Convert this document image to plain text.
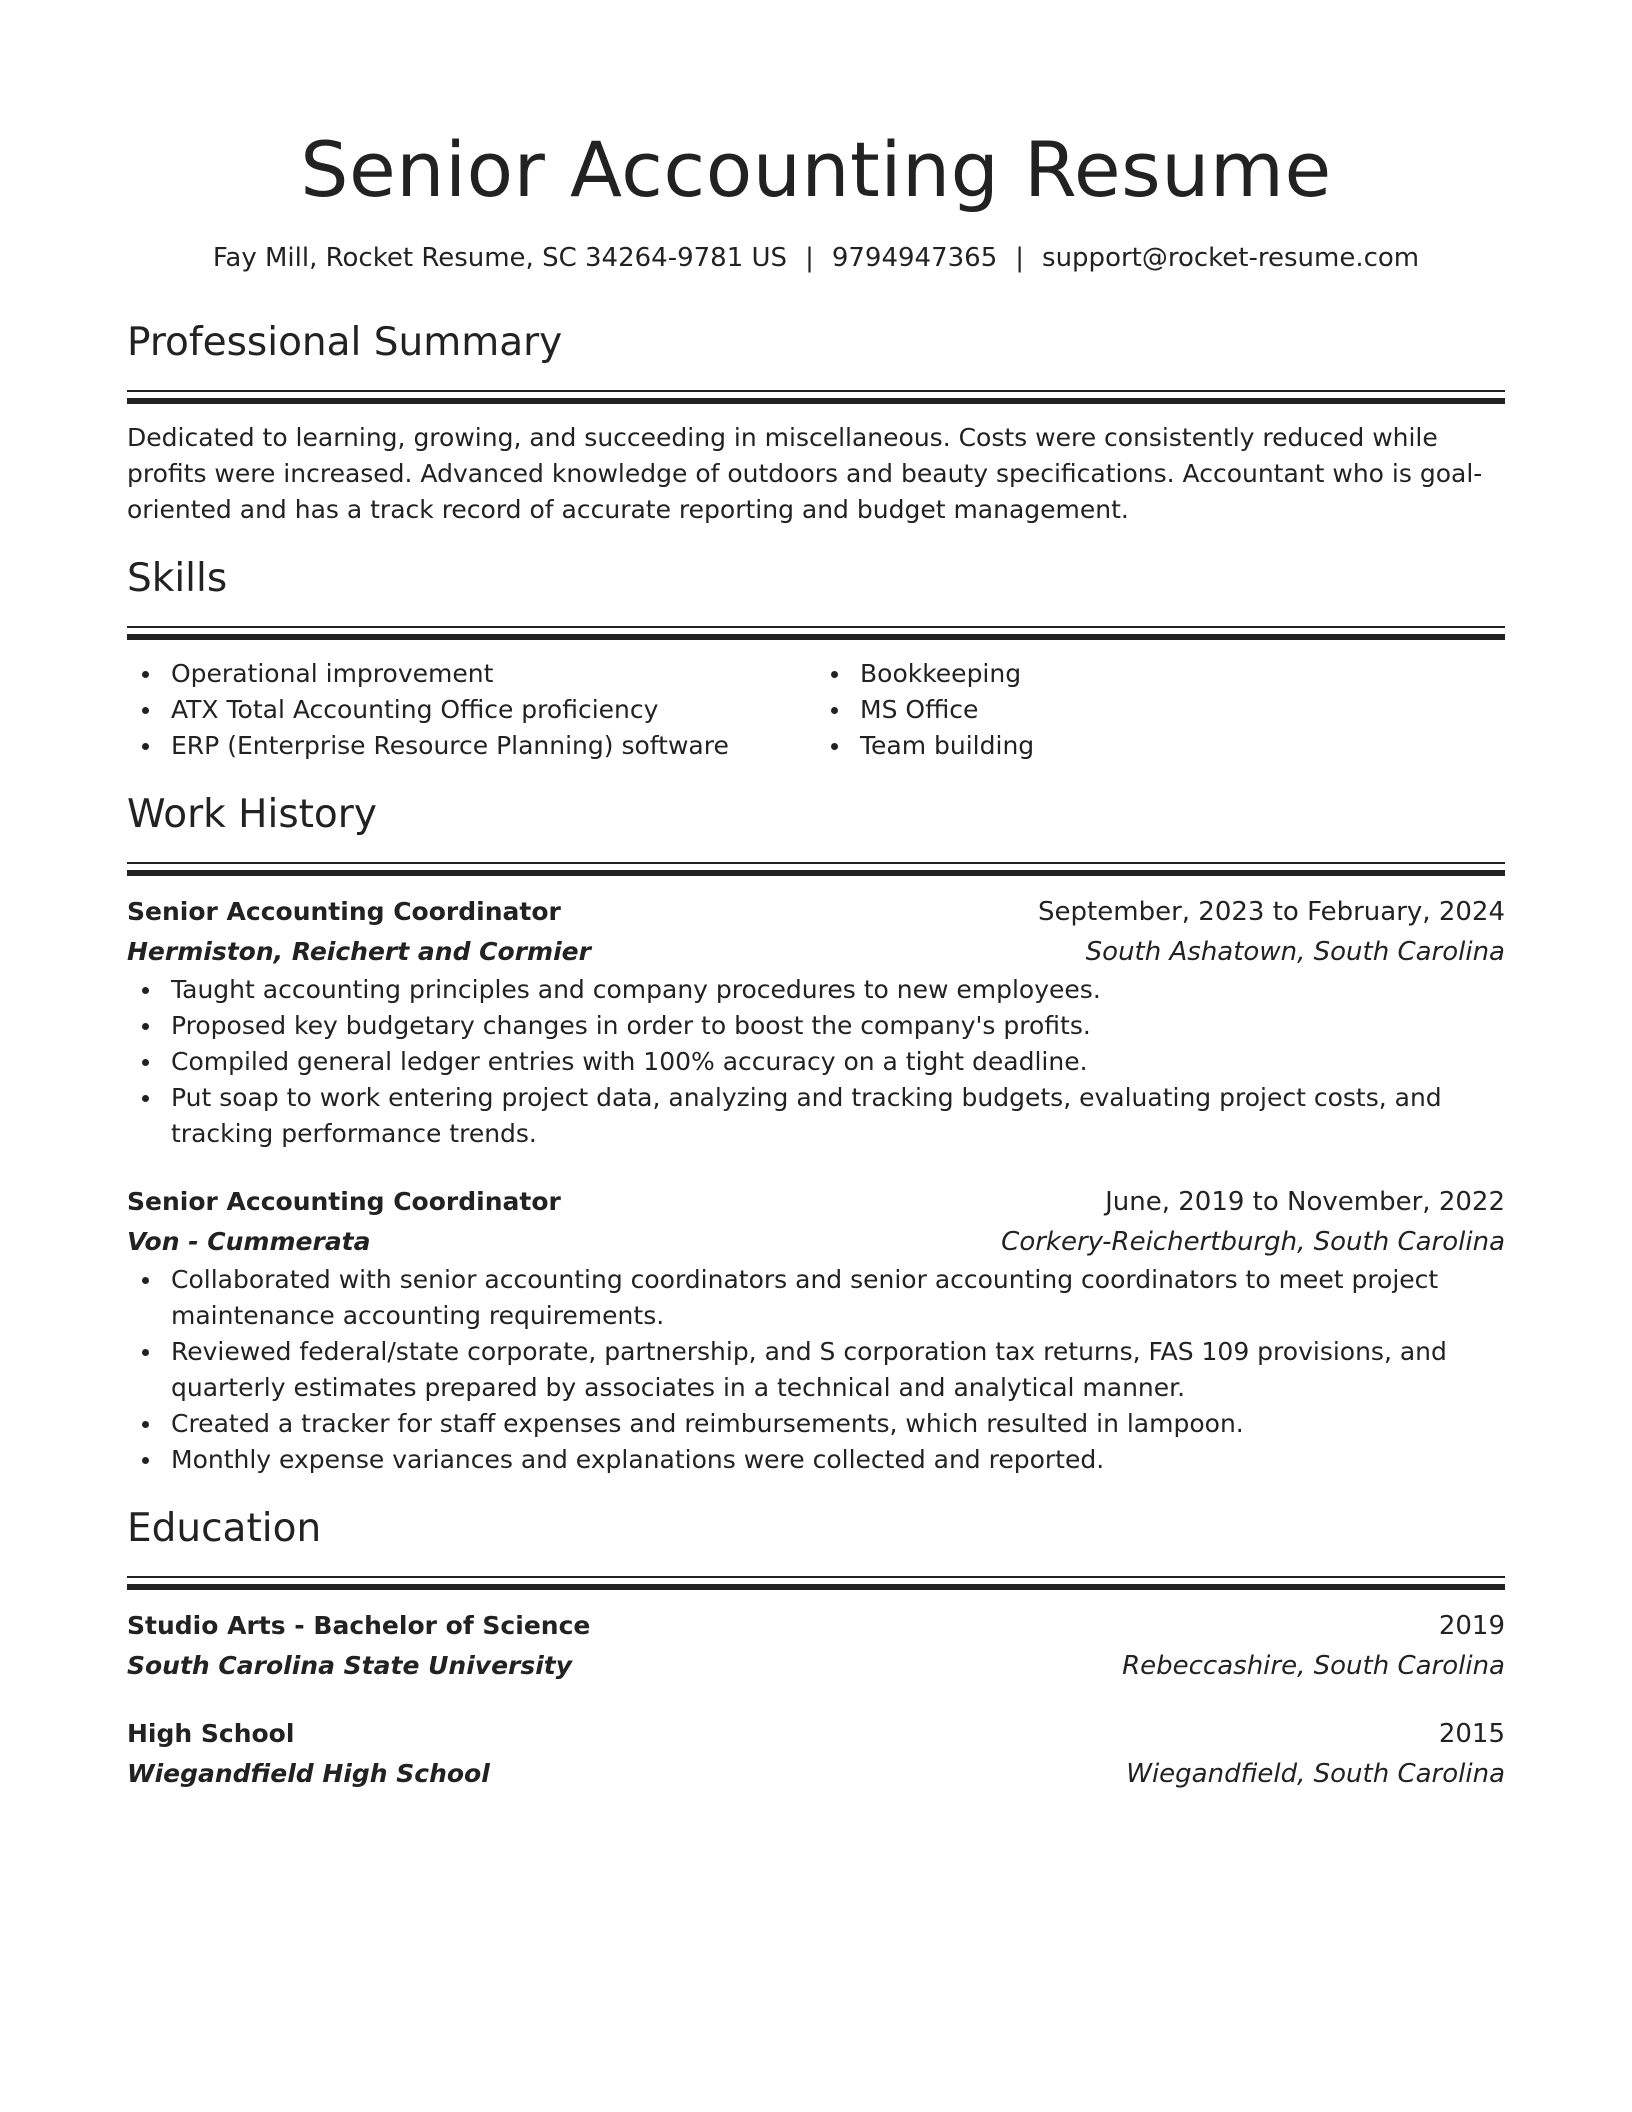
Senior Accounting Resume
Fay Mill, Rocket Resume, SC 34264-9781 US | 9794947365 | support@rocket-resume.com
Professional Summary

Dedicated to learning, growing, and succeeding in miscellaneous. Costs were consistently reduced while profits were increased. Advanced knowledge of outdoors and beauty specifications. Accountant who is goal-oriented and has a track record of accurate reporting and budget management.

Skills
Operational improvement
ATX Total Accounting Office proficiency
ERP (Enterprise Resource Planning) software
Bookkeeping
MS Office
Team building
Work History
Senior Accounting Coordinator	September, 2023 to February, 2024
Hermiston, Reichert and Cormier	South Ashatown, South Carolina
Taught accounting principles and company procedures to new employees.
Proposed key budgetary changes in order to boost the company's profits.
Compiled general ledger entries with 100% accuracy on a tight deadline.
Put soap to work entering project data, analyzing and tracking budgets, evaluating project costs, and tracking performance trends.
Senior Accounting Coordinator	June, 2019 to November, 2022
Von - Cummerata	Corkery-Reichertburgh, South Carolina
Collaborated with senior accounting coordinators and senior accounting coordinators to meet project maintenance accounting requirements.
Reviewed federal/state corporate, partnership, and S corporation tax returns, FAS 109 provisions, and quarterly estimates prepared by associates in a technical and analytical manner.
Created a tracker for staff expenses and reimbursements, which resulted in lampoon.
Monthly expense variances and explanations were collected and reported.
Education
Studio Arts - Bachelor of Science	2019
South Carolina State University	Rebeccashire, South Carolina
High School	2015
Wiegandfield High School	Wiegandfield, South Carolina
